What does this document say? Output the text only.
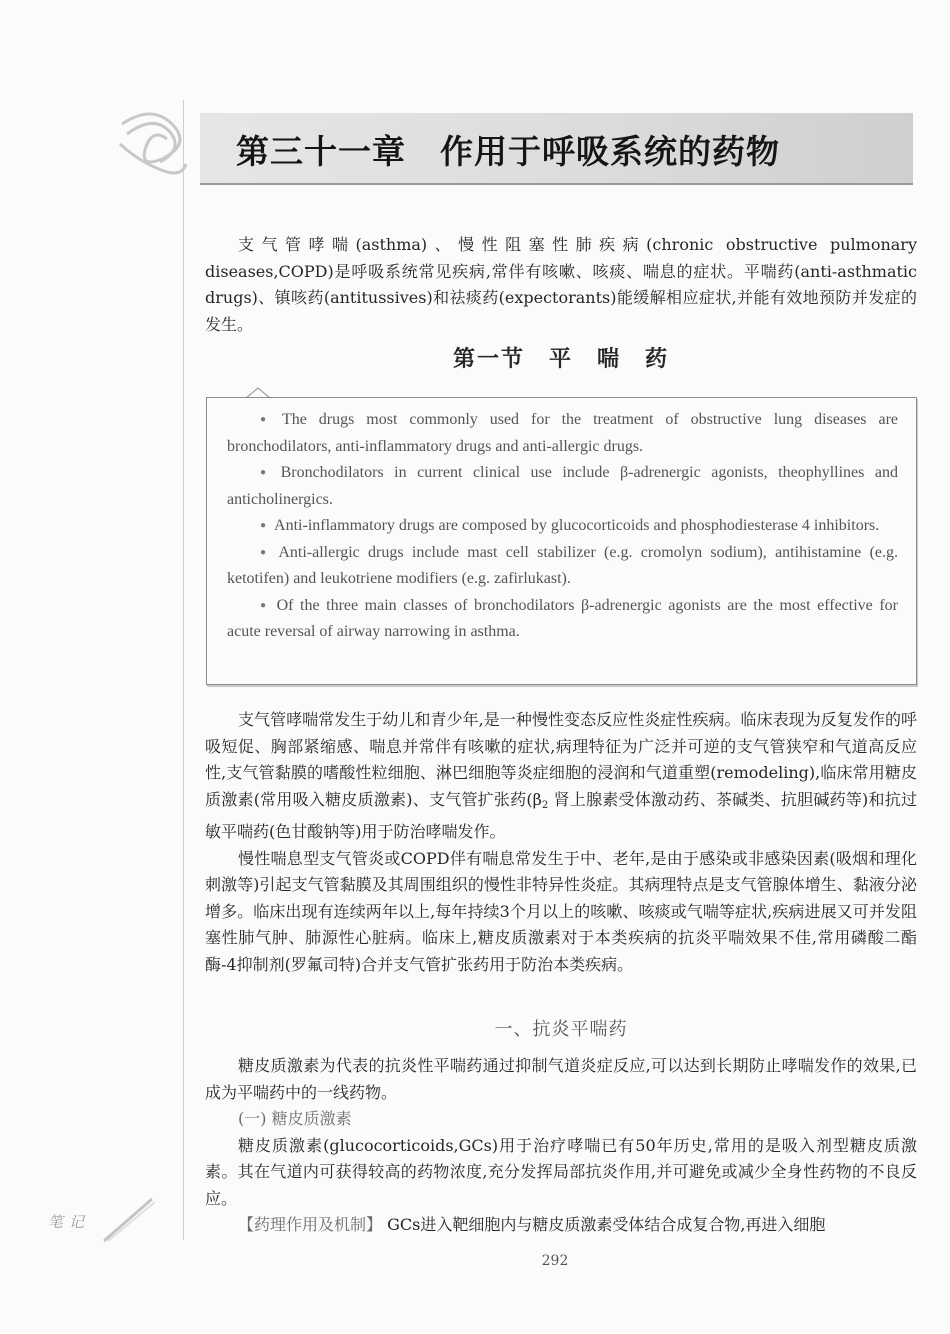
第三十一章 作用于呼吸系统的药物

支气管哮喘(asthma)、慢性阻塞性肺疾病(chronic obstructive pulmonary diseases,COPD)是呼吸系统常见疾病,常伴有咳嗽、咳痰、喘息的症状。平喘药(anti-asthmatic drugs)、镇咳药(antitussives)和祛痰药(expectorants)能缓解相应症状,并能有效地预防并发症的发生。

第一节　平　喘　药

● The drugs most commonly used for the treatment of obstructive lung diseases are bronchodilators, anti-inflammatory drugs and anti-allergic drugs.

● Bronchodilators in current clinical use include β-adrenergic agonists, theophyllines and anticholinergics.

● Anti-inflammatory drugs are composed by glucocorticoids and phosphodiesterase 4 inhibitors.

● Anti-allergic drugs include mast cell stabilizer (e.g. cromolyn sodium), antihistamine (e.g. ketotifen) and leukotriene modifiers (e.g. zafirlukast).

● Of the three main classes of bronchodilators β-adrenergic agonists are the most effective for acute reversal of airway narrowing in asthma.

支气管哮喘常发生于幼儿和青少年,是一种慢性变态反应性炎症性疾病。临床表现为反复发作的呼吸短促、胸部紧缩感、喘息并常伴有咳嗽的症状,病理特征为广泛并可逆的支气管狭窄和气道高反应性,支气管黏膜的嗜酸性粒细胞、淋巴细胞等炎症细胞的浸润和气道重塑(remodeling),临床常用糖皮质激素(常用吸入糖皮质激素)、支气管扩张药(β2 肾上腺素受体激动药、茶碱类、抗胆碱药等)和抗过敏平喘药(色甘酸钠等)用于防治哮喘发作。

慢性喘息型支气管炎或COPD伴有喘息常发生于中、老年,是由于感染或非感染因素(吸烟和理化刺激等)引起支气管黏膜及其周围组织的慢性非特异性炎症。其病理特点是支气管腺体增生、黏液分泌增多。临床出现有连续两年以上,每年持续3个月以上的咳嗽、咳痰或气喘等症状,疾病进展又可并发阻塞性肺气肿、肺源性心脏病。临床上,糖皮质激素对于本类疾病的抗炎平喘效果不佳,常用磷酸二酯酶-4抑制剂(罗氟司特)合并支气管扩张药用于防治本类疾病。

一、抗炎平喘药

糖皮质激素为代表的抗炎性平喘药通过抑制气道炎症反应,可以达到长期防止哮喘发作的效果,已成为平喘药中的一线药物。

(一) 糖皮质激素

糖皮质激素(glucocorticoids,GCs)用于治疗哮喘已有50年历史,常用的是吸入剂型糖皮质激素。其在气道内可获得较高的药物浓度,充分发挥局部抗炎作用,并可避免或减少全身性药物的不良反应。

【药理作用及机制】 GCs进入靶细胞内与糖皮质激素受体结合成复合物,再进入细胞

笔记
292
